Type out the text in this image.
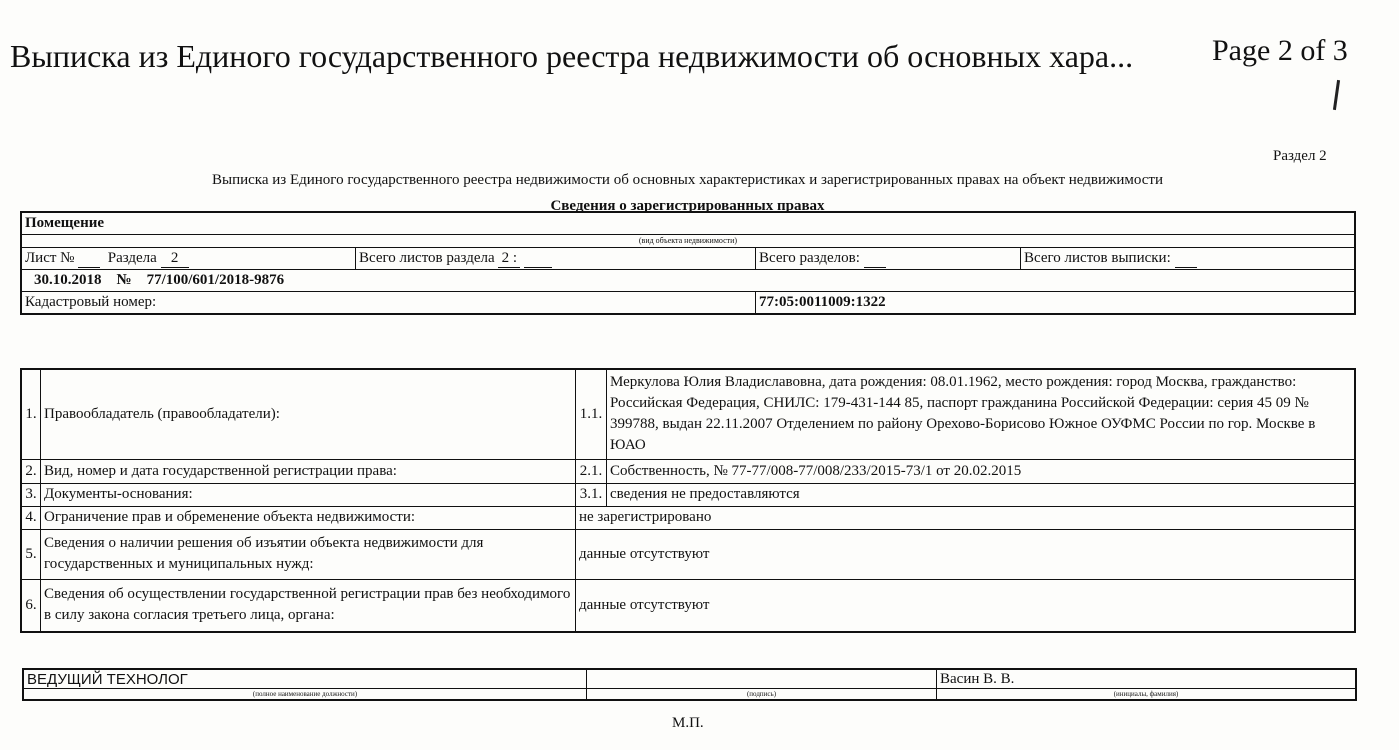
Выписка из Единого государственного реестра недвижимости об основных хара...	Page 2 of 3
Раздел 2
Выписка из Единого государственного реестра недвижимости об основных характеристиках и зарегистрированных правах на объект недвижимости
Сведения о зарегистрированных правах
Помещение			
(вид объекта недвижимости)			
Лист № Раздела 2	Всего листов раздела 2 :	Всего разделов:	Всего листов выписки:
30.10.2018 № 77/100/601/2018-9876			
Кадастровый номер:		77:05:0011009:1322	
1.	Правообладатель (правообладатели):	1.1.	Меркулова Юлия Владиславовна, дата рождения: 08.01.1962, место рождения: город Москва, гражданство: Российская Федерация, СНИЛС: 179-431-144 85, паспорт гражданина Российской Федерации: серия 45 09 № 399788, выдан 22.11.2007 Отделением по району Орехово-Борисово Южное ОУФМС России по гор. Москве в ЮАО
2.	Вид, номер и дата государственной регистрации права:	2.1.	Собственность, № 77-77/008-77/008/233/2015-73/1 от 20.02.2015
3.	Документы-основания:	3.1.	сведения не предоставляются
4.	Ограничение прав и обременение объекта недвижимости:	не зарегистрировано	
5.	Сведения о наличии решения об изъятии объекта недвижимости для государственных и муниципальных нужд:	данные отсутствуют	
6.	Сведения об осуществлении государственной регистрации прав без необходимого в силу закона согласия третьего лица, органа:	данные отсутствуют	
ВЕДУЩИЙ ТЕХНОЛОГ		Васин В. В.
(полное наименование должности)	(подпись)	(инициалы, фамилия)
М.П.
